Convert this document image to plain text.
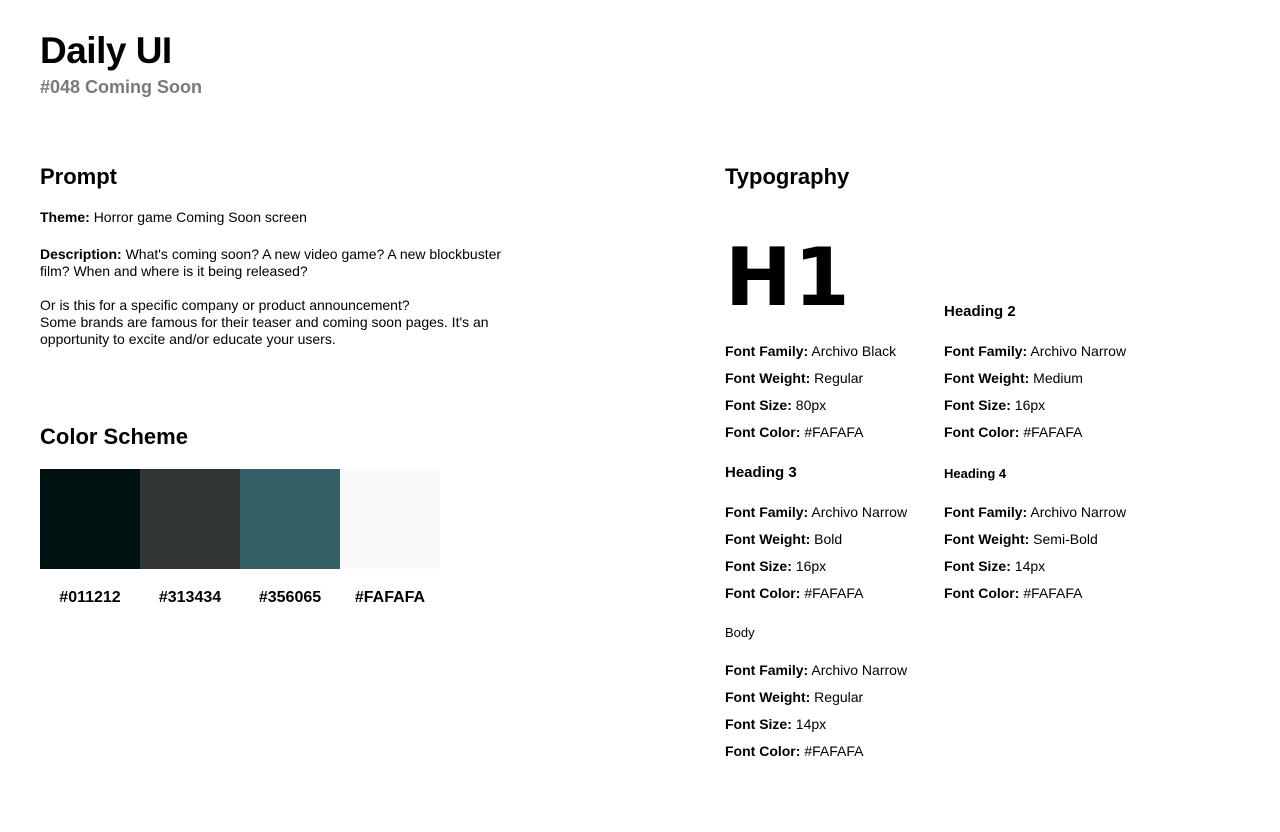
Daily UI

#048 Coming Soon

Prompt

Theme: Horror game Coming Soon screen

Description: What's coming soon? A new video game? A new blockbuster film? When and where is it being released?

Or is this for a specific company or product announcement?
Some brands are famous for their teaser and coming soon pages. It's an opportunity to excite and/or educate your users.

Color Scheme
#011212	#313434	#356065	#FAFAFA
Typography
H1

Font Family: Archivo Black

Font Weight: Regular

Font Size: 80px

Font Color: #FAFAFA

Heading 2

Font Family: Archivo Narrow

Font Weight: Medium

Font Size: 16px

Font Color: #FAFAFA

Heading 3

Font Family: Archivo Narrow

Font Weight: Bold

Font Size: 16px

Font Color: #FAFAFA

Heading 4

Font Family: Archivo Narrow

Font Weight: Semi-Bold

Font Size: 14px

Font Color: #FAFAFA

Body

Font Family: Archivo Narrow

Font Weight: Regular

Font Size: 14px

Font Color: #FAFAFA
